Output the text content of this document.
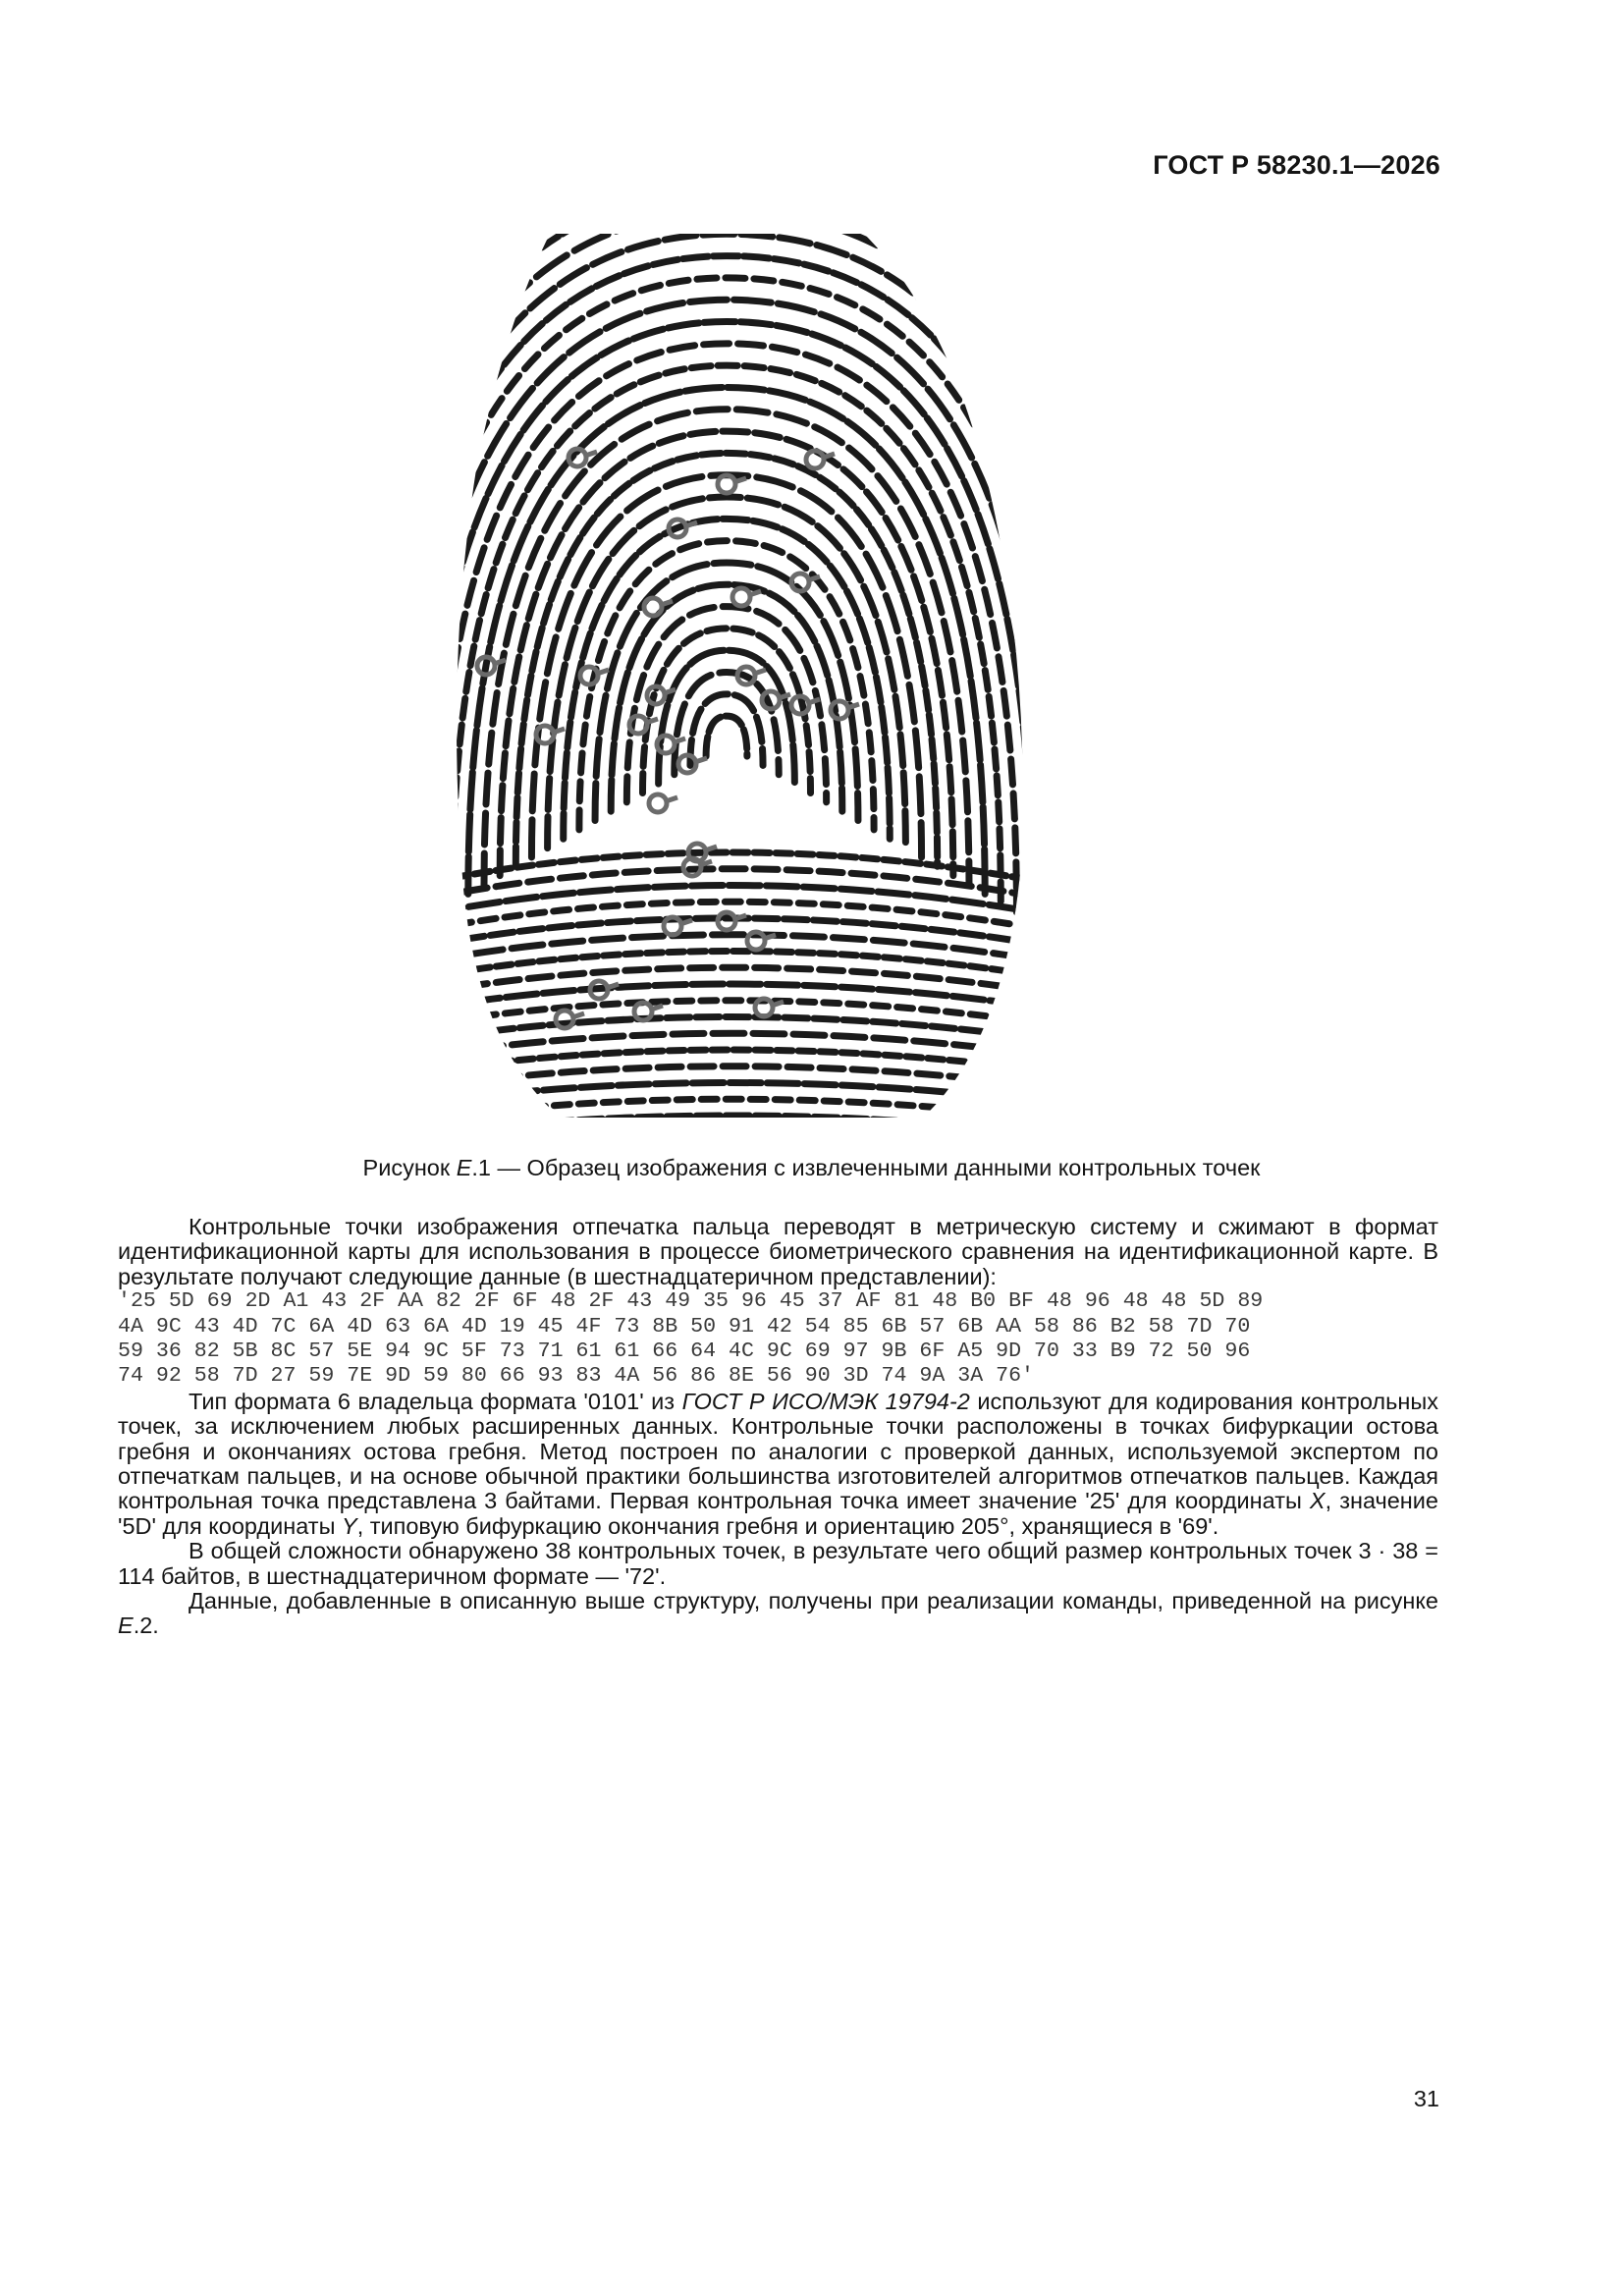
ГОСТ Р 58230.1—2026
Рисунок Е.1 — Образец изображения с извлеченными данными контрольных точек

Контрольные точки изображения отпечатка пальца переводят в метрическую систему и сжимают в формат идентификационной карты для использования в процессе биометрического сравнения на идентификационной карте. В результате получают следующие данные (в шестнадцатеричном представлении):

'25 5D 69 2D A1 43 2F AA 82 2F 6F 48 2F 43 49 35 96 45 37 AF 81 48 B0 BF 48 96 48 48 5D 89
4A 9C 43 4D 7C 6A 4D 63 6A 4D 19 45 4F 73 8B 50 91 42 54 85 6B 57 6B AA 58 86 B2 58 7D 70
59 36 82 5B 8C 57 5E 94 9C 5F 73 71 61 61 66 64 4C 9C 69 97 9B 6F A5 9D 70 33 B9 72 50 96
74 92 58 7D 27 59 7E 9D 59 80 66 93 83 4A 56 86 8E 56 90 3D 74 9A 3A 76'

Тип формата 6 владельца формата '0101' из ГОСТ Р ИСО/МЭК 19794-2 используют для кодирования контрольных точек, за исключением любых расширенных данных. Контрольные точки расположены в точках бифуркации остова гребня и окончаниях остова гребня. Метод построен по аналогии с проверкой данных, используемой экспертом по отпечаткам пальцев, и на основе обычной практики большинства изготовителей алгоритмов отпечатков пальцев. Каждая контрольная точка представлена 3 байтами. Первая контрольная точка имеет значение '25' для координаты X, значение '5D' для координаты Y, типовую бифуркацию окончания гребня и ориентацию 205°, хранящиеся в '69'.

В общей сложности обнаружено 38 контрольных точек, в результате чего общий размер контрольных точек 3 · 38 = 114 байтов, в шестнадцатеричном формате — '72'.

Данные, добавленные в описанную выше структуру, получены при реализации команды, приведенной на рисунке Е.2.

31
